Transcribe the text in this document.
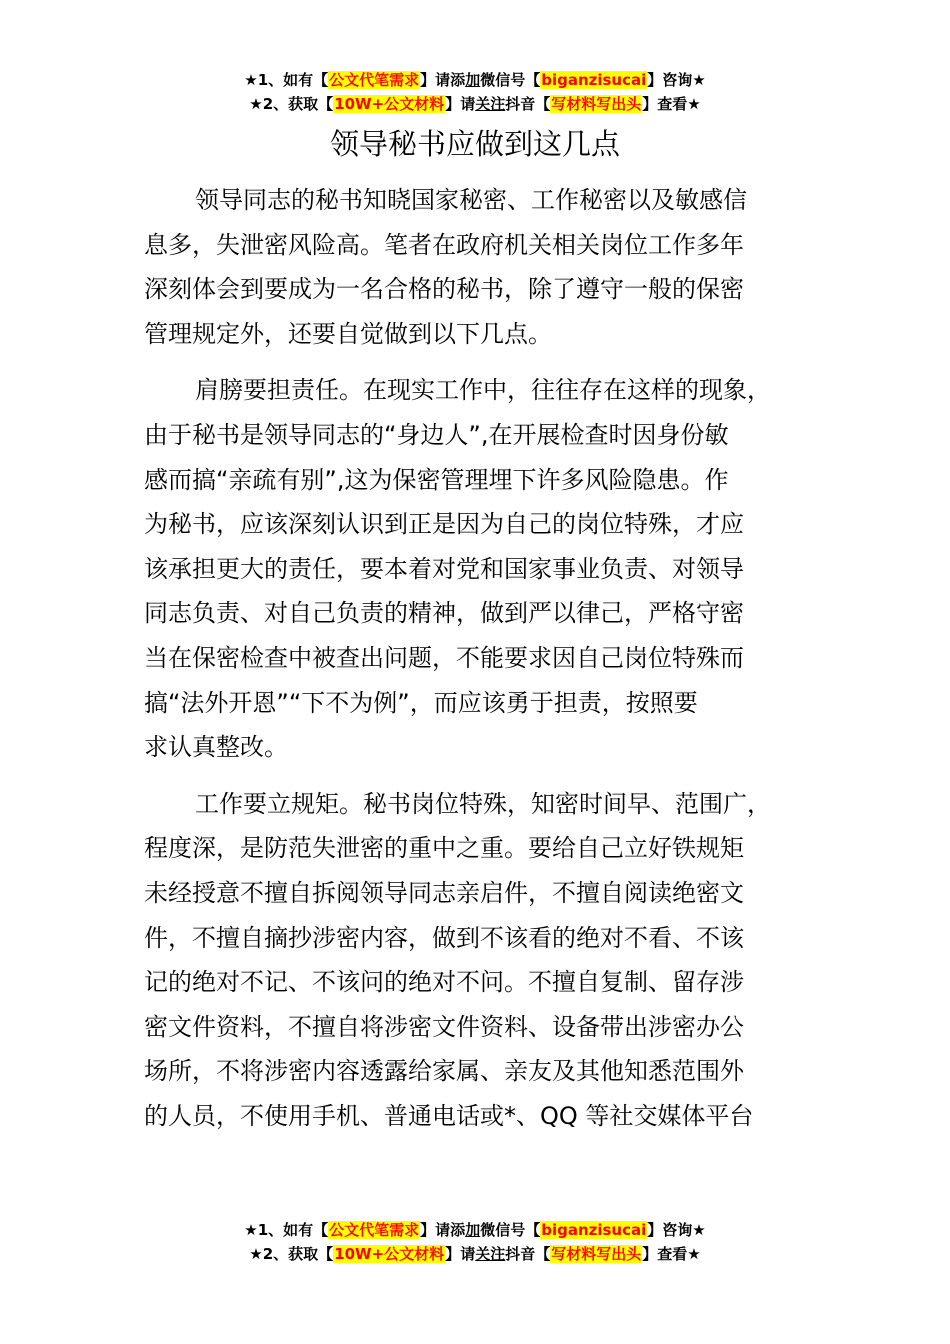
★1、如有【公文代笔需求】请添加微信号【biganzisucai】咨询★
★2、获取【10W+公文材料】请关注抖音【写材料写出头】查看★
领导秘书应做到这几点
领导同志的秘书知晓国家秘密、工作秘密以及敏感信
息多，失泄密风险高。笔者在政府机关相关岗位工作多年
深刻体会到要成为一名合格的秘书，除了遵守一般的保密
管理规定外，还要自觉做到以下几点。
肩膀要担责任。在现实工作中，往往存在这样的现象，
由于秘书是领导同志的“身边人”,在开展检查时因身份敏
感而搞“亲疏有别”,这为保密管理埋下许多风险隐患。作
为秘书，应该深刻认识到正是因为自己的岗位特殊，才应
该承担更大的责任，要本着对党和国家事业负责、对领导
同志负责、对自己负责的精神，做到严以律己，严格守密
当在保密检查中被查出问题，不能要求因自己岗位特殊而
搞“法外开恩”“下不为例”，而应该勇于担责，按照要
求认真整改。
工作要立规矩。秘书岗位特殊，知密时间早、范围广，
程度深，是防范失泄密的重中之重。要给自己立好铁规矩
未经授意不擅自拆阅领导同志亲启件，不擅自阅读绝密文
件，不擅自摘抄涉密内容，做到不该看的绝对不看、不该
记的绝对不记、不该问的绝对不问。不擅自复制、留存涉
密文件资料，不擅自将涉密文件资料、设备带出涉密办公
场所，不将涉密内容透露给家属、亲友及其他知悉范围外
的人员，不使用手机、普通电话或*、QQ 等社交媒体平台
★1、如有【公文代笔需求】请添加微信号【biganzisucai】咨询★
★2、获取【10W+公文材料】请关注抖音【写材料写出头】查看★
